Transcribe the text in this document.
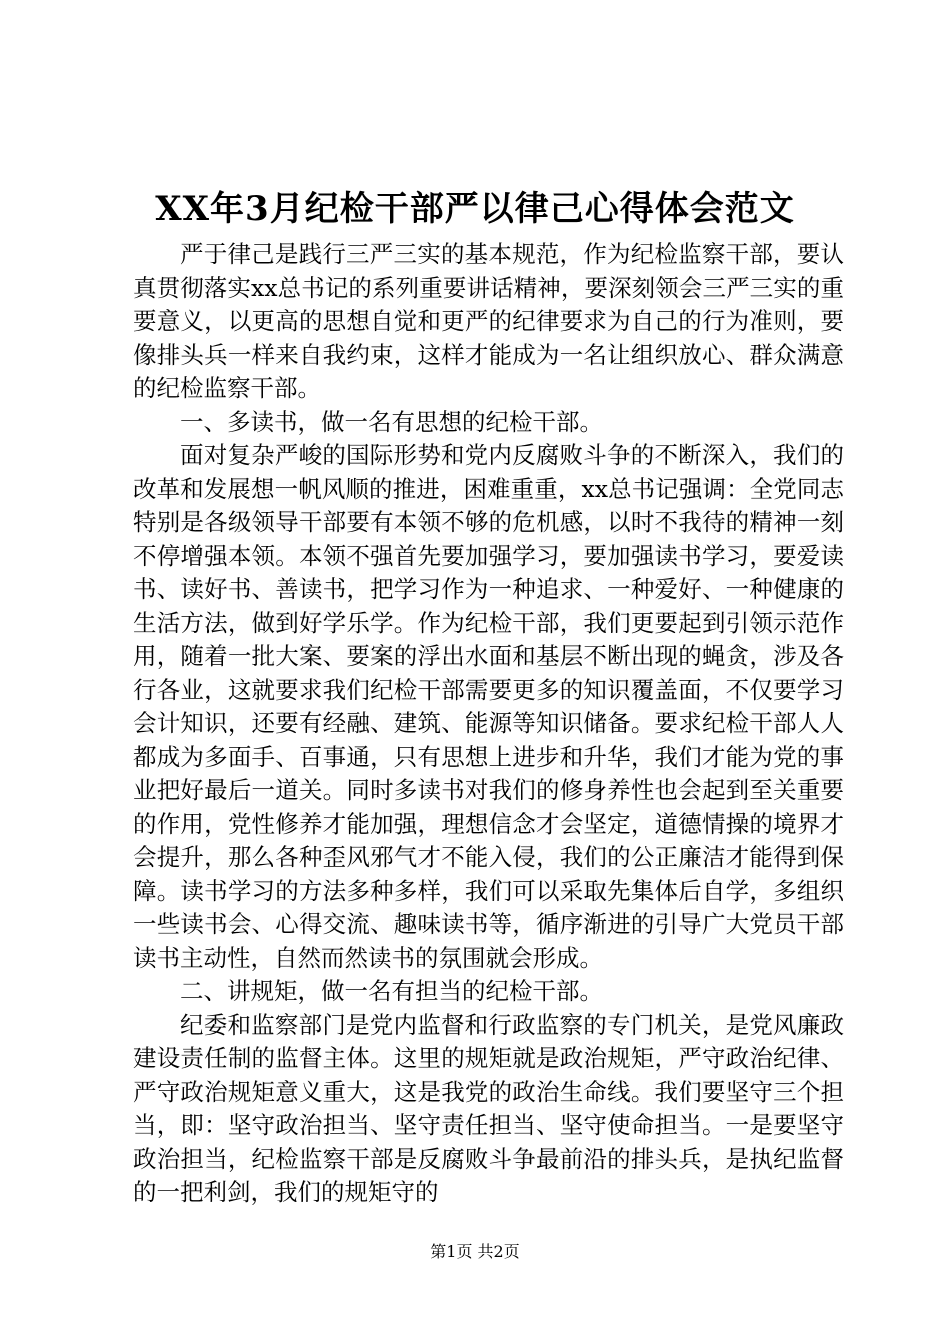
XX年3月纪检干部严以律己心得体会范文

严于律己是践行三严三实的基本规范，作为纪检监察干部，要认真贯彻落实xx总书记的系列重要讲话精神，要深刻领会三严三实的重要意义，以更高的思想自觉和更严的纪律要求为自己的行为准则，要像排头兵一样来自我约束，这样才能成为一名让组织放心、群众满意的纪检监察干部。

一、多读书，做一名有思想的纪检干部。

面对复杂严峻的国际形势和党内反腐败斗争的不断深入，我们的改革和发展想一帆风顺的推进，困难重重，xx总书记强调：全党同志特别是各级领导干部要有本领不够的危机感，以时不我待的精神一刻不停增强本领。本领不强首先要加强学习，要加强读书学习，要爱读书、读好书、善读书，把学习作为一种追求、一种爱好、一种健康的生活方法，做到好学乐学。作为纪检干部，我们更要起到引领示范作用，随着一批大案、要案的浮出水面和基层不断出现的蝇贪，涉及各行各业，这就要求我们纪检干部需要更多的知识覆盖面，不仅要学习会计知识，还要有经融、建筑、能源等知识储备。要求纪检干部人人都成为多面手、百事通，只有思想上进步和升华，我们才能为党的事业把好最后一道关。同时多读书对我们的修身养性也会起到至关重要的作用，党性修养才能加强，理想信念才会坚定，道德情操的境界才会提升，那么各种歪风邪气才不能入侵，我们的公正廉洁才能得到保障。读书学习的方法多种多样，我们可以采取先集体后自学，多组织一些读书会、心得交流、趣味读书等，循序渐进的引导广大党员干部读书主动性，自然而然读书的氛围就会形成。

二、讲规矩，做一名有担当的纪检干部。

纪委和监察部门是党内监督和行政监察的专门机关，是党风廉政建设责任制的监督主体。这里的规矩就是政治规矩，严守政治纪律、严守政治规矩意义重大，这是我党的政治生命线。我们要坚守三个担当，即：坚守政治担当、坚守责任担当、坚守使命担当。一是要坚守政治担当，纪检监察干部是反腐败斗争最前沿的排头兵，是执纪监督的一把利剑，我们的规矩守的

第1页 共2页
